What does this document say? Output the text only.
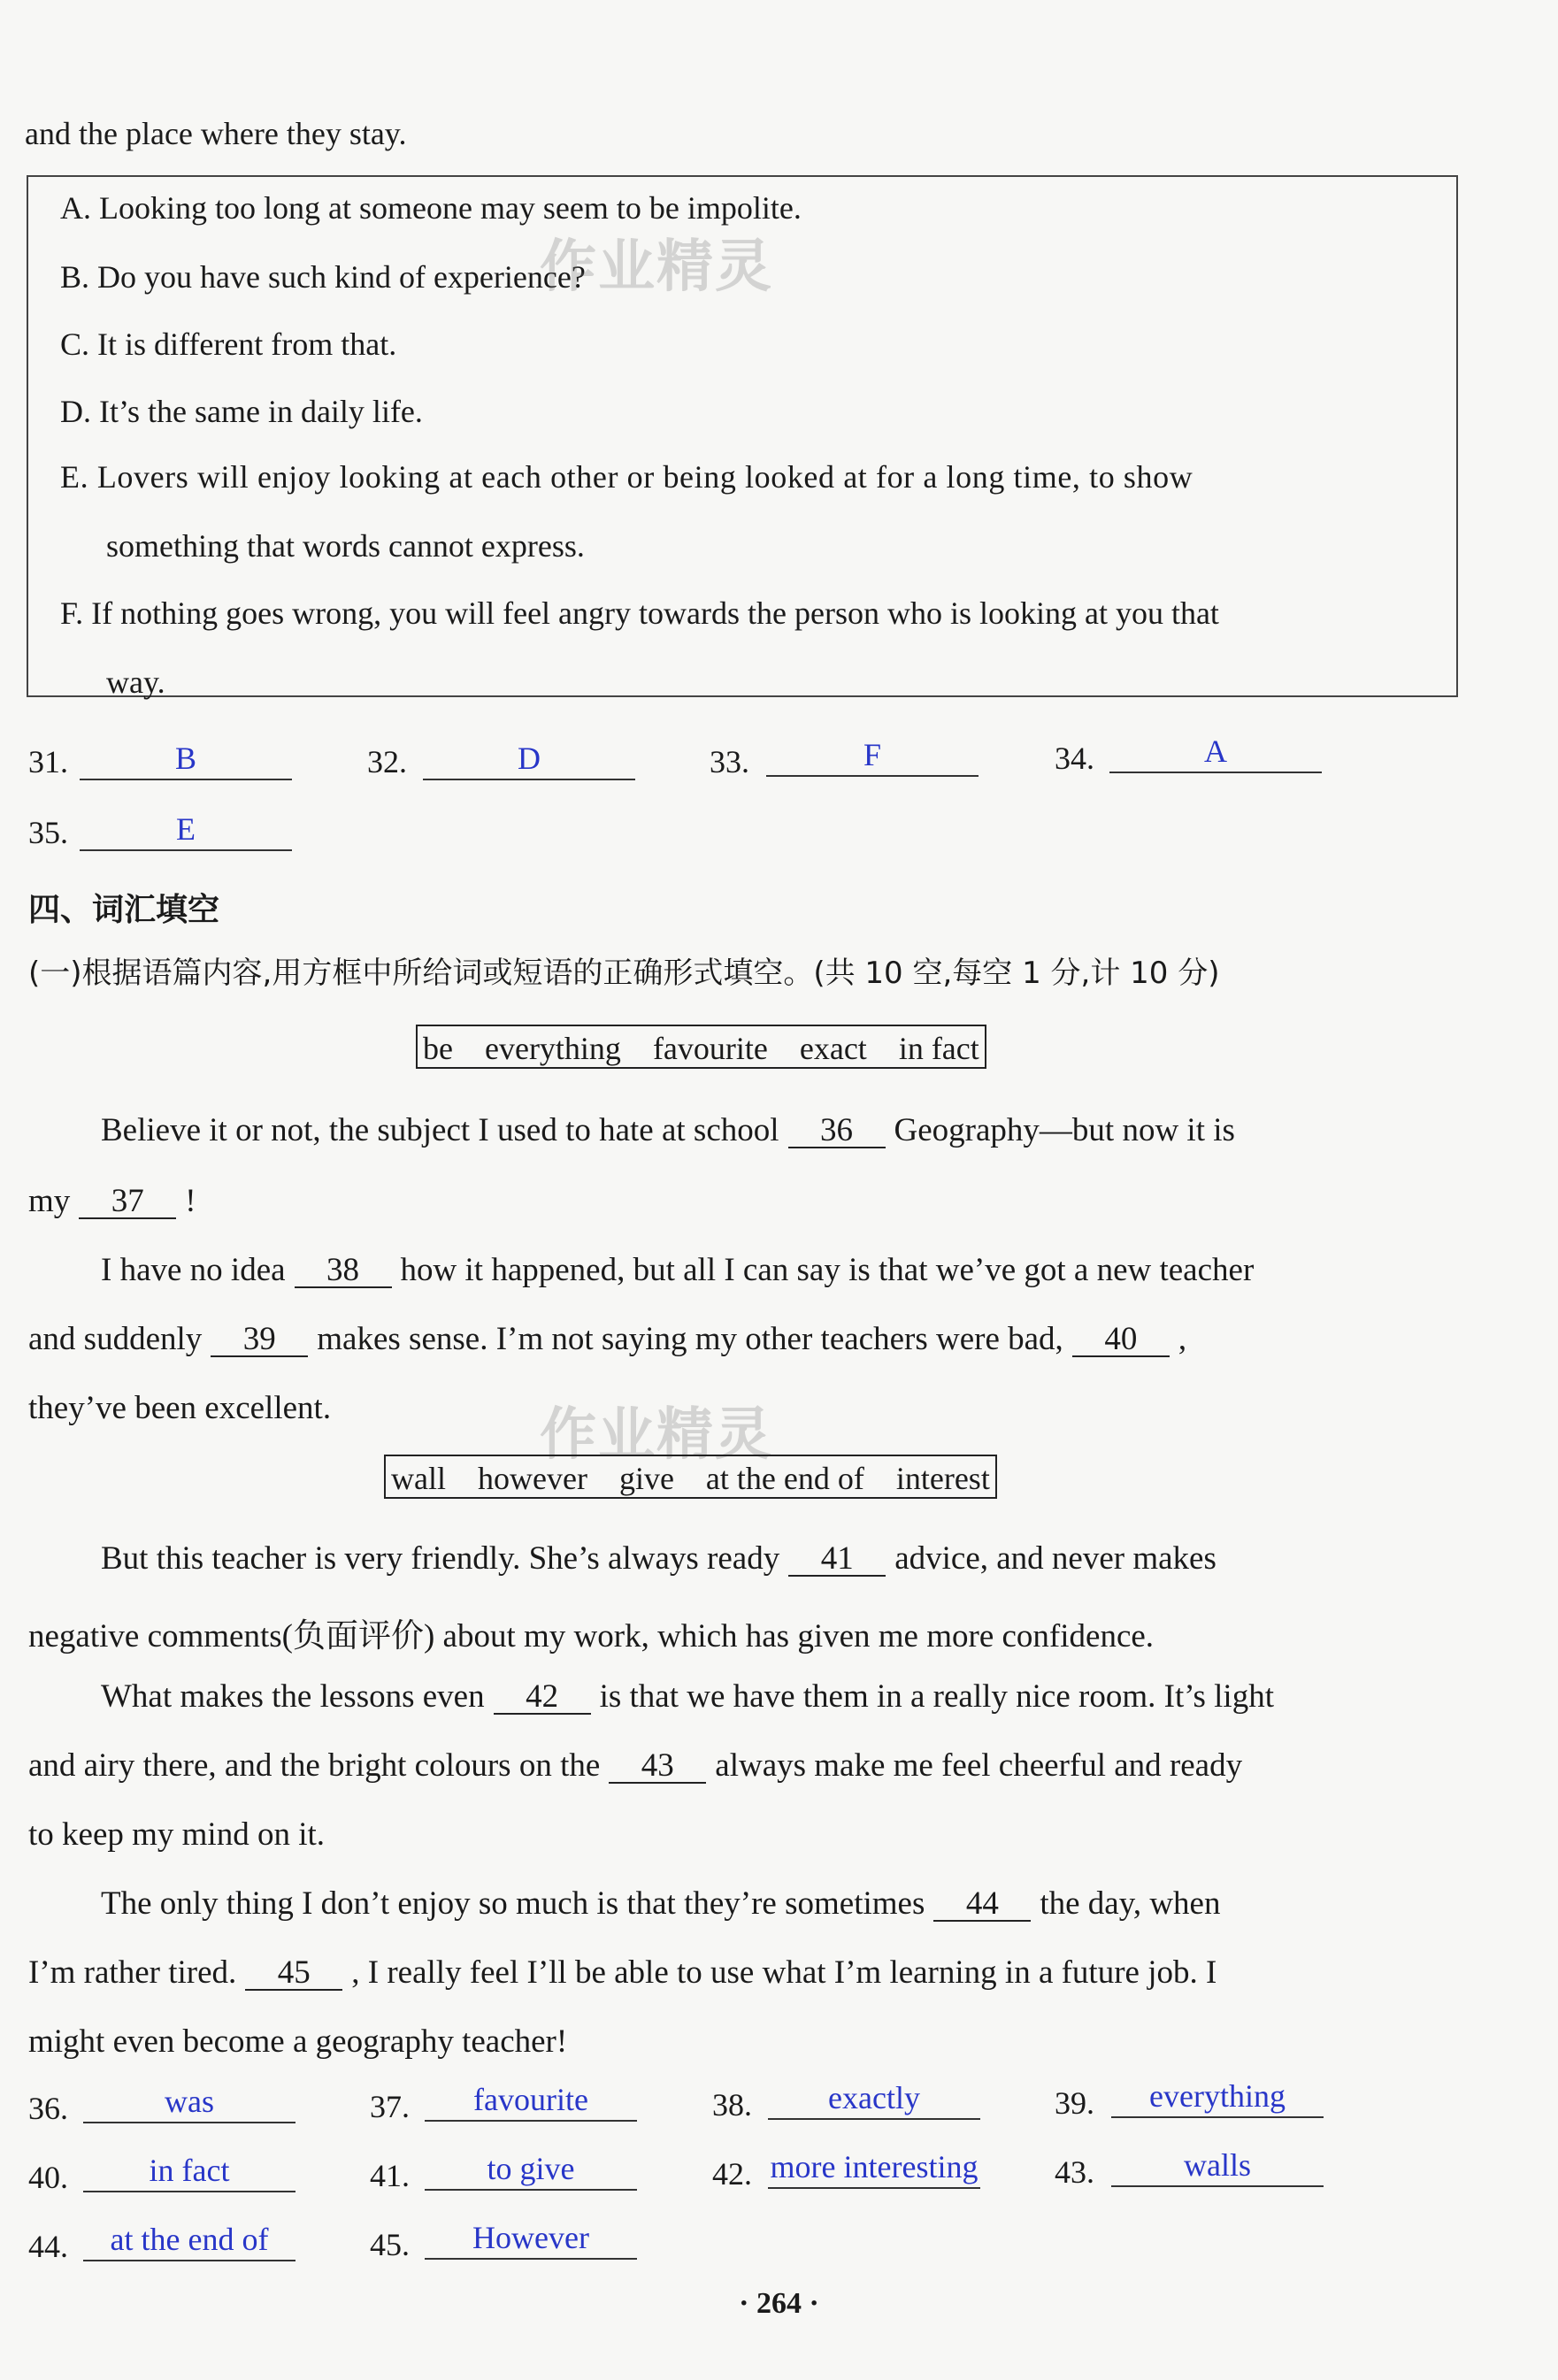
and the place where they stay.
A. Looking too long at someone may seem to be impolite.
B. Do you have such kind of experience?
C. It is different from that.
D. It’s the same in daily life.
E. Lovers will enjoy looking at each other or being looked at for a long time, to show
something that words cannot express.
F. If nothing goes wrong, you will feel angry towards the person who is looking at you that
way.
31.	B	32.	D	33.	F	34.	A
35.	E
四、词汇填空
(一)根据语篇内容,用方框中所给词或短语的正确形式填空。(共 10 空,每空 1 分,计 10 分)
be everything favourite exact in fact
作业精灵
Believe it or not, the subject I used to hate at school 36 Geography—but now it is
my 37 !
I have no idea 38 how it happened, but all I can say is that we’ve got a new teacher
and suddenly 39 makes sense. I’m not saying my other teachers were bad, 40 ,
they’ve been excellent.	作业精灵
wall however give at the end of interest
But this teacher is very friendly. She’s always ready 41 advice, and never makes
negative comments(负面评价) about my work, which has given me more confidence.
What makes the lessons even 42 is that we have them in a really nice room. It’s light
and airy there, and the bright colours on the 43 always make me feel cheerful and ready
to keep my mind on it.
The only thing I don’t enjoy so much is that they’re sometimes 44 the day, when
I’m rather tired. 45 , I really feel I’ll be able to use what I’m learning in a future job. I
might even become a geography teacher!
36.	was	37.	favourite	38.	exactly	39.	everything
40.	in fact	41.	to give	42. more interesting 43.	walls
44.	at the end of	45.	However
· 264 ·
